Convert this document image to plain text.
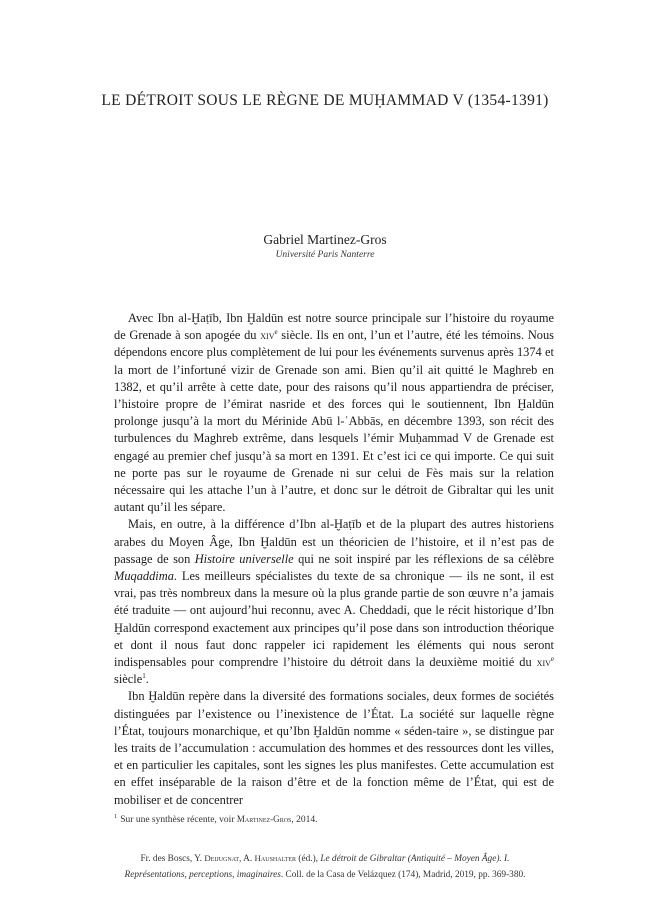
LE DÉTROIT SOUS LE RÈGNE DE MUḤAMMAD V (1354-1391)
Gabriel Martinez-Gros
Université Paris Nanterre

Avec Ibn al-Ḫaṭīb, Ibn Ḫaldūn est notre source principale sur l’histoire du royaume de Grenade à son apogée du xiv$^e$ siècle. Ils en ont, l’un et l’autre, été les témoins. Nous dépendons encore plus complètement de lui pour les événements survenus après 1374 et la mort de l’infortuné vizir de Grenade son ami. Bien qu’il ait quitté le Maghreb en 1382, et qu’il arrête à cette date, pour des raisons qu’il nous appartiendra de préciser, l’histoire propre de l’émirat nasride et des forces qui le soutiennent, Ibn Ḫaldūn prolonge jusqu’à la mort du Mérinide Abū l-ʿAbbās, en décembre 1393, son récit des turbulences du Maghreb extrême, dans lesquels l’émir Muḥammad V de Grenade est engagé au premier chef jusqu’à sa mort en 1391. Et c’est ici ce qui importe. Ce qui suit ne porte pas sur le royaume de Grenade ni sur celui de Fès mais sur la relation nécessaire qui les attache l’un à l’autre, et donc sur le détroit de Gibraltar qui les unit autant qu’il les sépare.

Mais, en outre, à la différence d’Ibn al-Ḫaṭīb et de la plupart des autres historiens arabes du Moyen Âge, Ibn Ḫaldūn est un théoricien de l’histoire, et il n’est pas de passage de son Histoire universelle qui ne soit inspiré par les réflexions de sa célèbre Muqaddima. Les meilleurs spécialistes du texte de sa chronique — ils ne sont, il est vrai, pas très nombreux dans la mesure où la plus grande partie de son œuvre n’a jamais été traduite — ont aujourd’hui reconnu, avec A. Cheddadi, que le récit historique d’Ibn Ḫaldūn correspond exactement aux principes qu’il pose dans son introduction théorique et dont il nous faut donc rappeler ici rapidement les éléments qui nous seront indispensables pour comprendre l’histoire du détroit dans la deuxième moitié du xiv$^e$ siècle$^1$.

Ibn Ḫaldūn repère dans la diversité des formations sociales, deux formes de sociétés distinguées par l’existence ou l’inexistence de l’État. La société sur laquelle règne l’État, toujours monarchique, et qu’Ibn Ḫaldūn nomme « séden-taire », se distingue par les traits de l’accumulation : accumulation des hommes et des ressources dont les villes, et en particulier les capitales, sont les signes les plus manifestes. Cette accumulation est en effet inséparable de la raison d’être et de la fonction même de l’État, qui est de mobiliser et de concentrer

$^1$ Sur une synthèse récente, voir Martinez-Gros, 2014.
Fr. des Boscs, Y. Deijugnat, A. Haushalter (éd.), Le détroit de Gibraltar (Antiquité – Moyen Âge). I.
Représentations, perceptions, imaginaires. Coll. de la Casa de Velázquez (174), Madrid, 2019, pp. 369-380.
